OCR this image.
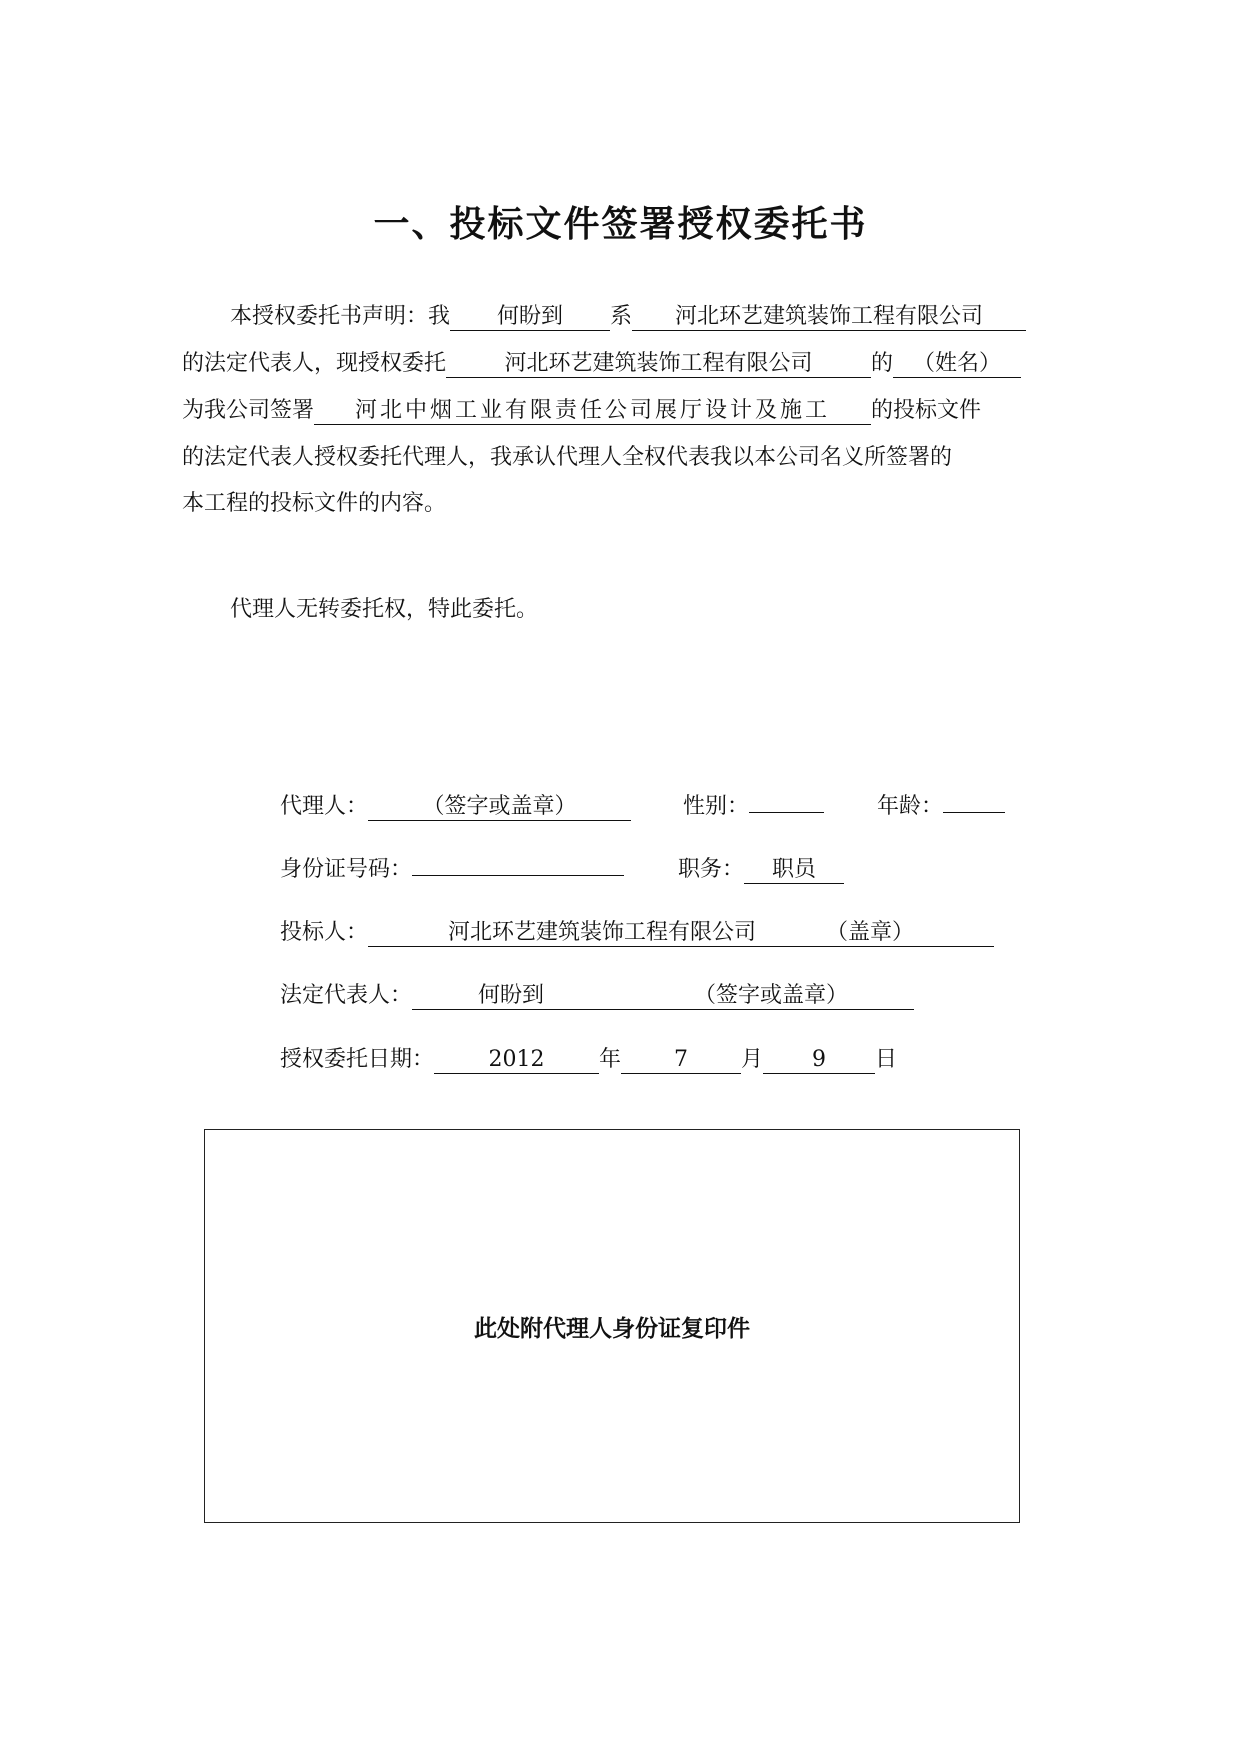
一、投标文件签署授权委托书
本授权委托书声明：我 何盼到 系 河北环艺建筑装饰工程有限公司
的法定代表人，现授权委托	河北环艺建筑装饰工程有限公司	的 （姓名）
为我公司签署 河北中烟工业有限责任公司展厅设计及施工 的投标文件
的法定代表人授权委托代理人，我承认代理人全权代表我以本公司名义所签署的
本工程的投标文件的内容。
代理人无转委托权，特此委托。
代理人： （签字或盖章）	性别：	年龄：
身份证号码：	职务： 职员
投标人：	河北环艺建筑装饰工程有限公司	（盖章）
法定代表人：	何盼到	（签字或盖章）
授权委托日期： 2012 年 7 月 9 日
此处附代理人身份证复印件
